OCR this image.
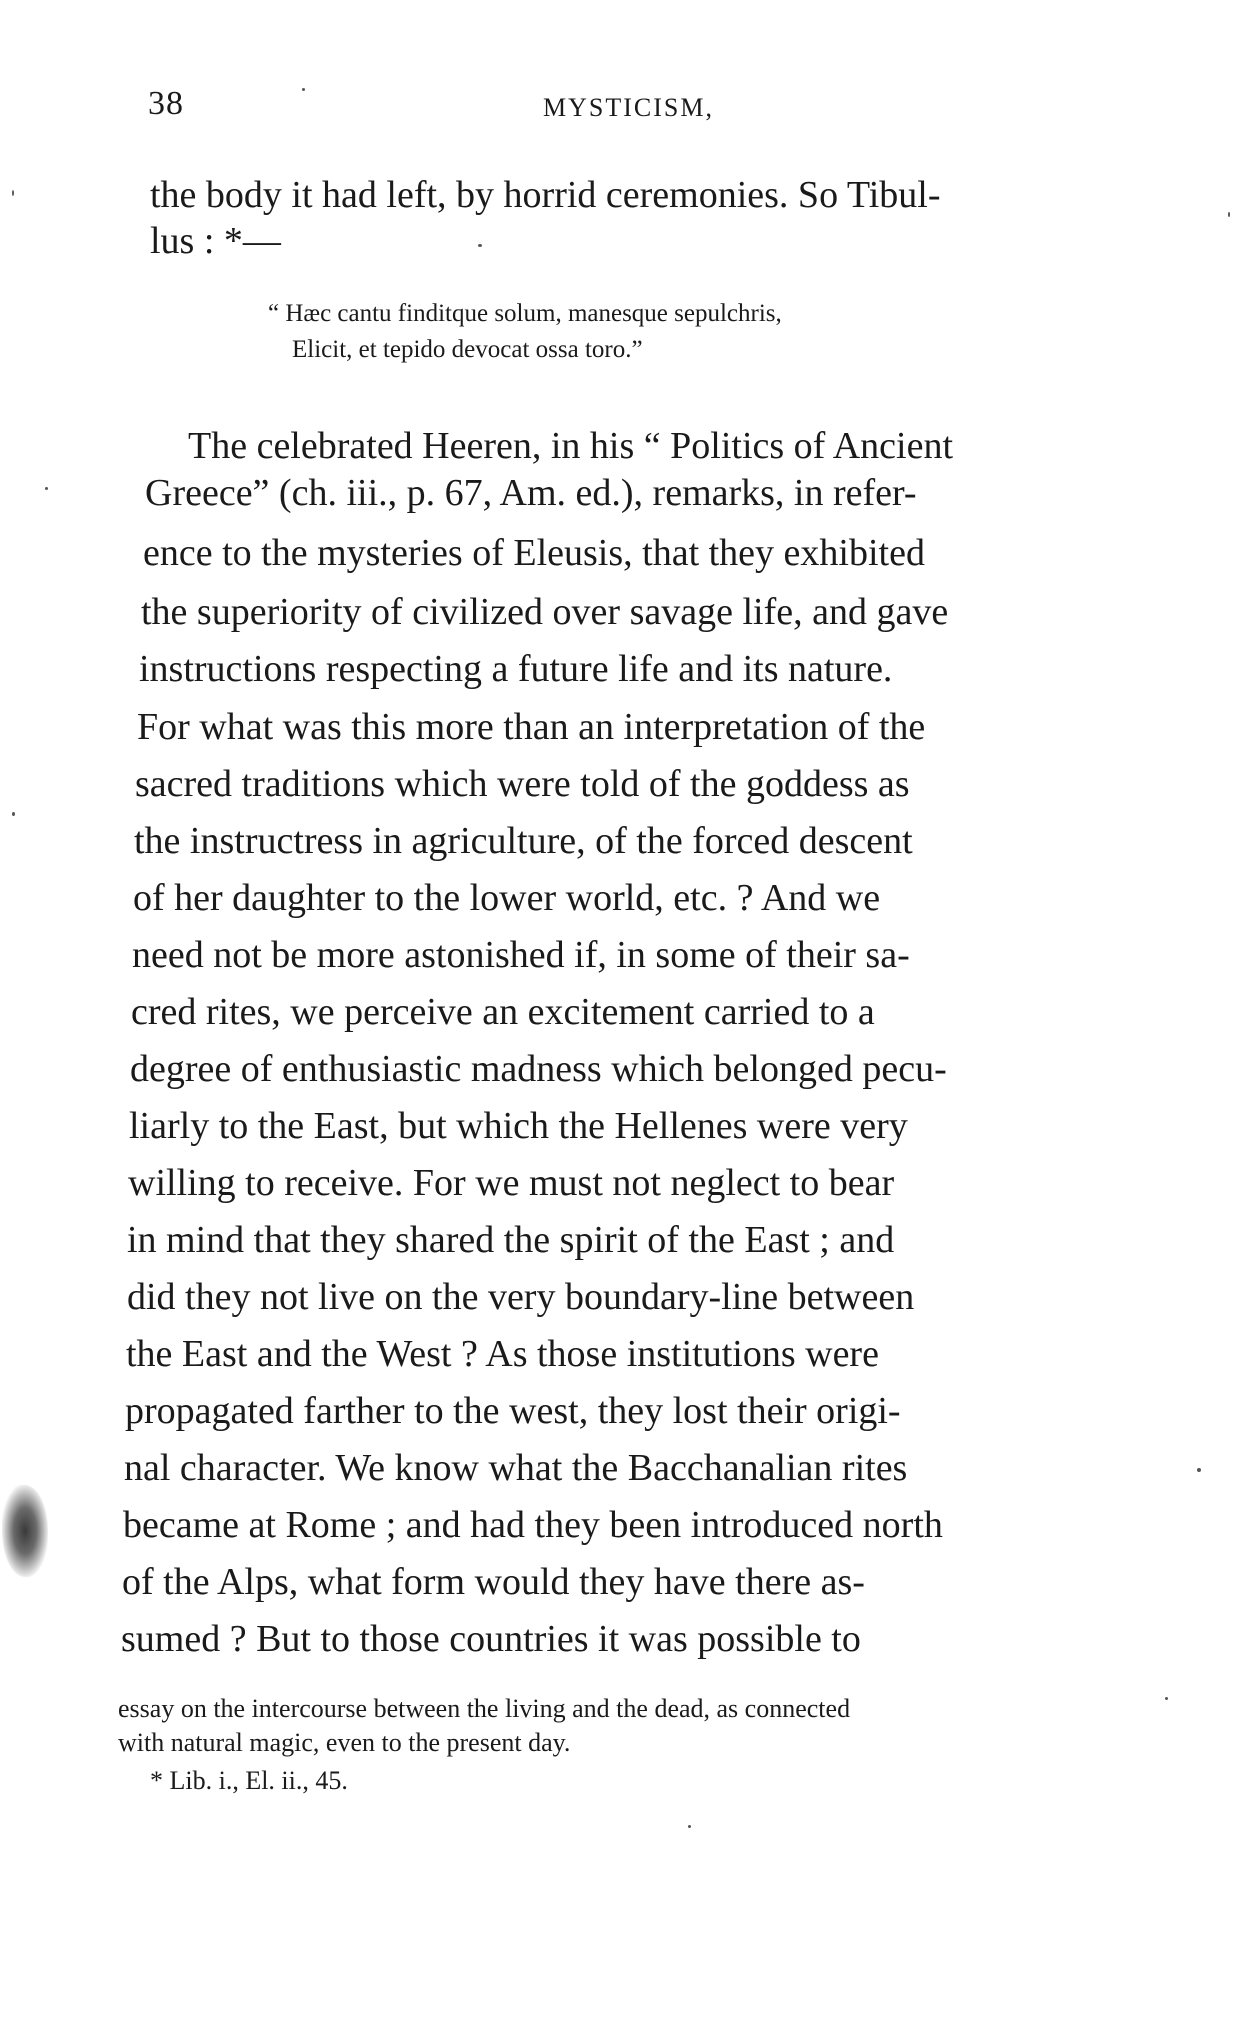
38	MYSTICISM,
the body it had left, by horrid ceremonies. So Tibul-
lus : *—
“ Hæc cantu finditque solum, manesque sepulchris,
Elicit, et tepido devocat ossa toro.”
The celebrated Heeren, in his “ Politics of Ancient
Greece” (ch. iii., p. 67, Am. ed.), remarks, in refer-
ence to the mysteries of Eleusis, that they exhibited
the superiority of civilized over savage life, and gave
instructions respecting a future life and its nature.
For what was this more than an interpretation of the
sacred traditions which were told of the goddess as
the instructress in agriculture, of the forced descent
of her daughter to the lower world, etc. ? And we
need not be more astonished if, in some of their sa-
cred rites, we perceive an excitement carried to a
degree of enthusiastic madness which belonged pecu-
liarly to the East, but which the Hellenes were very
willing to receive. For we must not neglect to bear
in mind that they shared the spirit of the East ; and
did they not live on the very boundary-line between
the East and the West ? As those institutions were
propagated farther to the west, they lost their origi-
nal character. We know what the Bacchanalian rites
became at Rome ; and had they been introduced north
of the Alps, what form would they have there as-
sumed ? But to those countries it was possible to
essay on the intercourse between the living and the dead, as connected
with natural magic, even to the present day.
* Lib. i., El. ii., 45.
